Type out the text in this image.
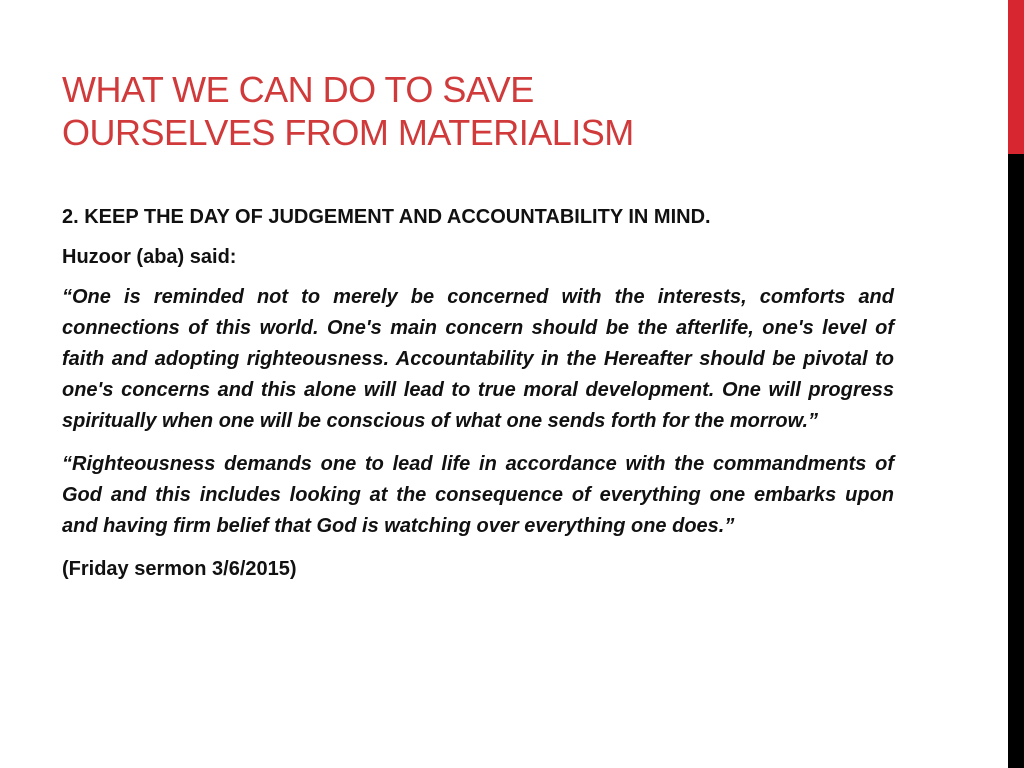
WHAT WE CAN DO TO SAVE
OURSELVES FROM MATERIALISM

2. KEEP THE DAY OF JUDGEMENT AND ACCOUNTABILITY IN MIND.

Huzoor (aba) said:

“One is reminded not to merely be concerned with the interests, comforts and connections of this world. One's main concern should be the afterlife, one's level of faith and adopting righteousness. Accountability in the Hereafter should be pivotal to one's concerns and this alone will lead to true moral development. One will progress spiritually when one will be conscious of what one sends forth for the morrow.”

“Righteousness demands one to lead life in accordance with the commandments of God and this includes looking at the consequence of everything one embarks upon and having firm belief that God is watching over everything one does.”

(Friday sermon 3/6/2015)
